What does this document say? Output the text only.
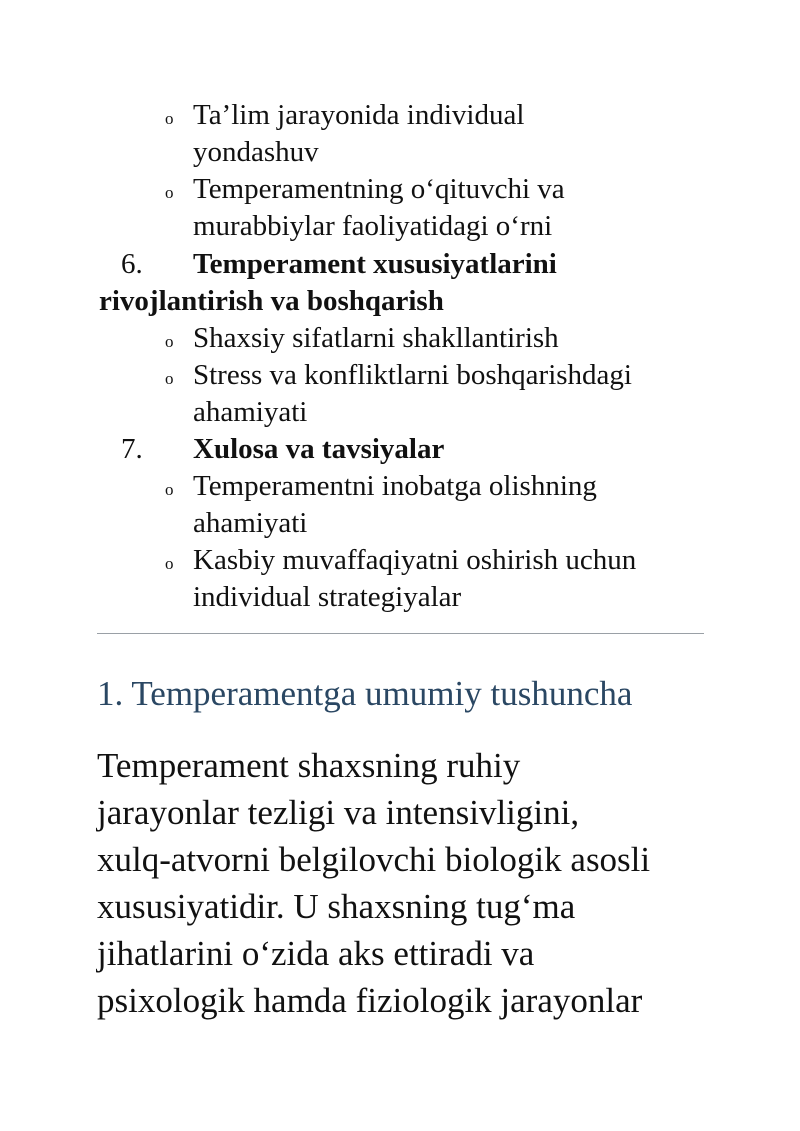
o Ta’lim jarayonida individual
yondashuv
o Temperamentning o‘qituvchi va
murabbiylar faoliyatidagi o‘rni
6. Temperament xususiyatlarini
rivojlantirish va boshqarish
o Shaxsiy sifatlarni shakllantirish
o Stress va konfliktlarni boshqarishdagi
ahamiyati
7. Xulosa va tavsiyalar
o Temperamentni inobatga olishning
ahamiyati
o Kasbiy muvaffaqiyatni oshirish uchun
individual strategiyalar
1. Temperamentga umumiy tushuncha

Temperament shaxsning ruhiy
jarayonlar tezligi va intensivligini,
xulq-atvorni belgilovchi biologik asosli
xususiyatidir. U shaxsning tug‘ma
jihatlarini o‘zida aks ettiradi va
psixologik hamda fiziologik jarayonlar
